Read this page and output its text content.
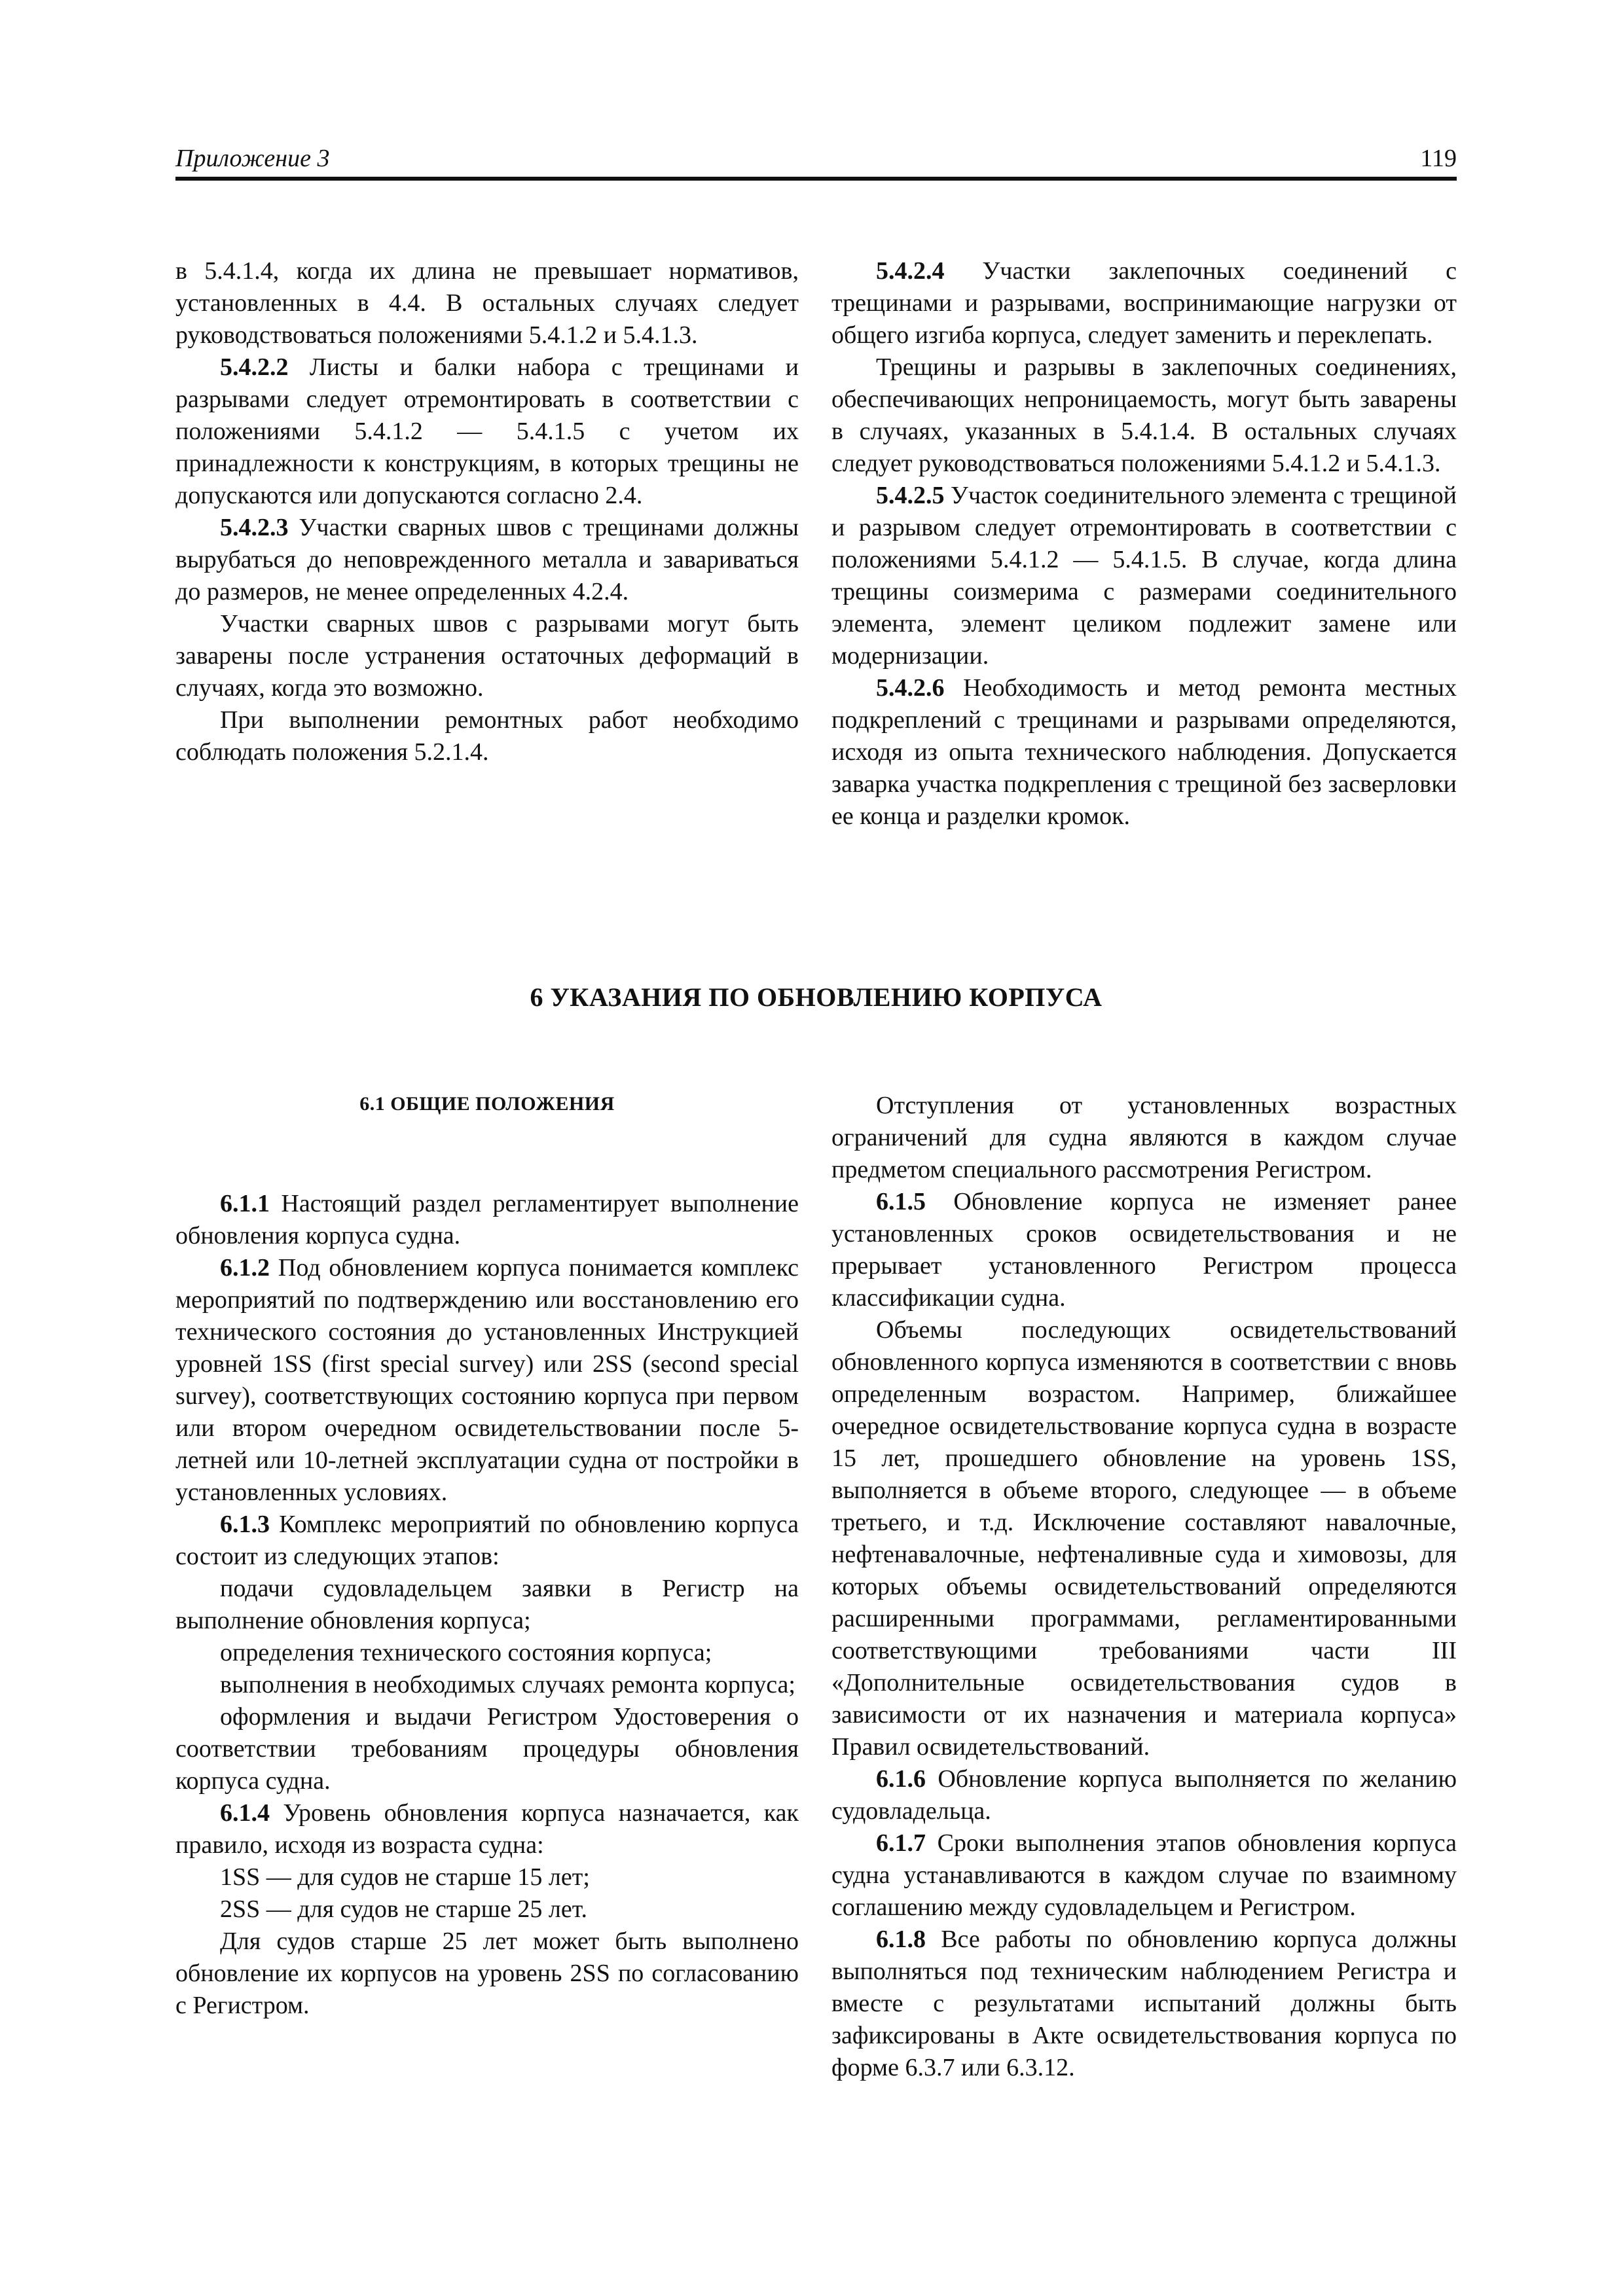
Приложение 3	119

в 5.4.1.4, когда их длина не превышает нормативов, установленных в 4.4. В остальных случаях следует руководствоваться положениями 5.4.1.2 и 5.4.1.3.

5.4.2.2 Листы и балки набора с трещинами и разрывами следует отремонтировать в соответствии с положениями 5.4.1.2 — 5.4.1.5 с учетом их принадлежности к конструкциям, в которых трещины не допускаются или допускаются согласно 2.4.

5.4.2.3 Участки сварных швов с трещинами должны вырубаться до неповрежденного металла и завариваться до размеров, не менее определенных 4.2.4.

Участки сварных швов с разрывами могут быть заварены после устранения остаточных деформаций в случаях, когда это возможно.

При выполнении ремонтных работ необходимо соблюдать положения 5.2.1.4.

5.4.2.4 Участки заклепочных соединений с трещинами и разрывами, воспринимающие нагрузки от общего изгиба корпуса, следует заменить и переклепать.

Трещины и разрывы в заклепочных соединениях, обеспечивающих непроницаемость, могут быть заварены в случаях, указанных в 5.4.1.4. В остальных случаях следует руководствоваться положениями 5.4.1.2 и 5.4.1.3.

5.4.2.5 Участок соединительного элемента с трещиной и разрывом следует отремонтировать в соответствии с положениями 5.4.1.2 — 5.4.1.5. В случае, когда длина трещины соизмерима с размерами соединительного элемента, элемент целиком подлежит замене или модернизации.

5.4.2.6 Необходимость и метод ремонта местных подкреплений с трещинами и разрывами определяются, исходя из опыта технического наблюдения. Допускается заварка участка подкрепления с трещиной без засверловки ее конца и разделки кромок.

6 УКАЗАНИЯ ПО ОБНОВЛЕНИЮ КОРПУСА
6.1 ОБЩИЕ ПОЛОЖЕНИЯ

6.1.1 Настоящий раздел регламентирует выполнение обновления корпуса судна.

6.1.2 Под обновлением корпуса понимается комплекс мероприятий по подтверждению или восстановлению его технического состояния до установленных Инструкцией уровней 1SS (first special survey) или 2SS (second special survey), соответствующих состоянию корпуса при первом или втором очередном освидетельствовании после 5-летней или 10-летней эксплуатации судна от постройки в установленных условиях.

6.1.3 Комплекс мероприятий по обновлению корпуса состоит из следующих этапов:

подачи судовладельцем заявки в Регистр на выполнение обновления корпуса;

определения технического состояния корпуса;

выполнения в необходимых случаях ремонта корпуса;

оформления и выдачи Регистром Удостоверения о соответствии требованиям процедуры обновления корпуса судна.

6.1.4 Уровень обновления корпуса назначается, как правило, исходя из возраста судна:

1SS — для судов не старше 15 лет;

2SS — для судов не старше 25 лет.

Для судов старше 25 лет может быть выполнено обновление их корпусов на уровень 2SS по согласованию с Регистром.

Отступления от установленных возрастных ограничений для судна являются в каждом случае предметом специального рассмотрения Регистром.

6.1.5 Обновление корпуса не изменяет ранее установленных сроков освидетельствования и не прерывает установленного Регистром процесса классификации судна.

Объемы последующих освидетельствований обновленного корпуса изменяются в соответствии с вновь определенным возрастом. Например, ближайшее очередное освидетельствование корпуса судна в возрасте 15 лет, прошедшего обновление на уровень 1SS, выполняется в объеме второго, следующее — в объеме третьего, и т.д. Исключение составляют навалочные, нефтенавалочные, нефтеналивные суда и химовозы, для которых объемы освидетельствований определяются расширенными программами, регламентированными соответствующими требованиями части III «Дополнительные освидетельствования судов в зависимости от их назначения и материала корпуса» Правил освидетельствований.

6.1.6 Обновление корпуса выполняется по желанию судовладельца.

6.1.7 Сроки выполнения этапов обновления корпуса судна устанавливаются в каждом случае по взаимному соглашению между судовладельцем и Регистром.

6.1.8 Все работы по обновлению корпуса должны выполняться под техническим наблюдением Регистра и вместе с результатами испытаний должны быть зафиксированы в Акте освидетельствования корпуса по форме 6.3.7 или 6.3.12.
